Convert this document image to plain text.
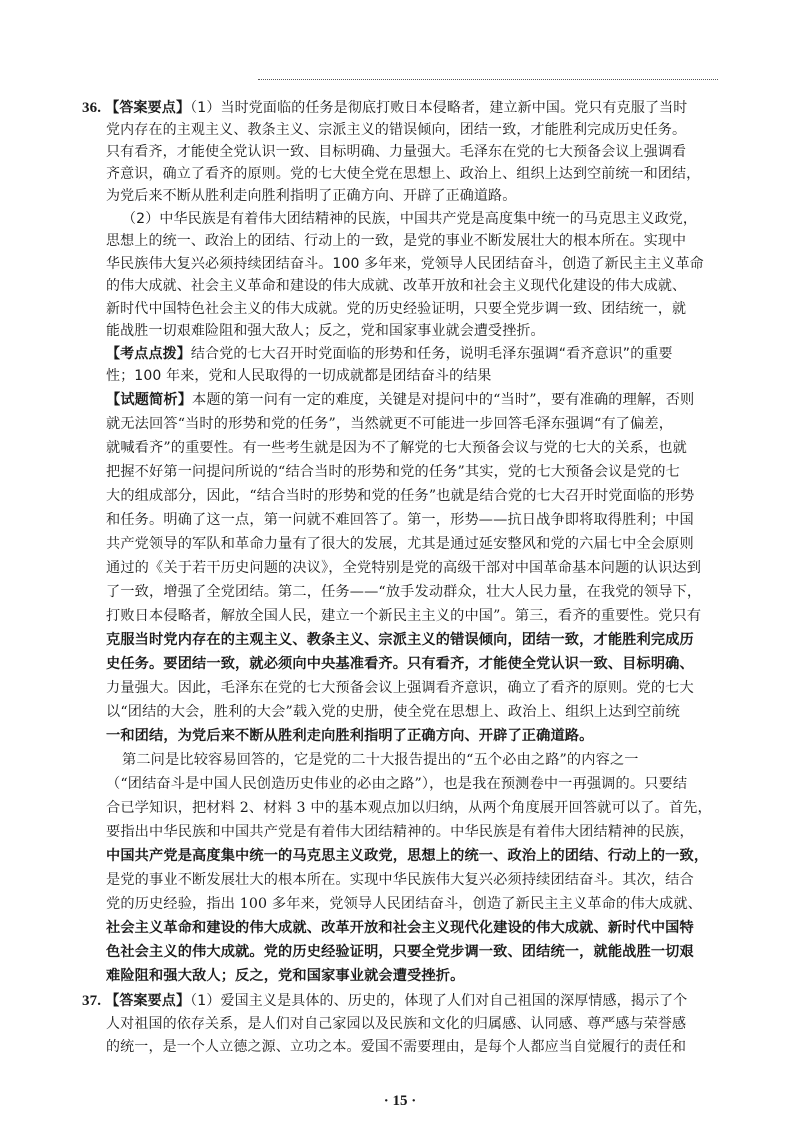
36. 【答案要点】（1）当时党面临的任务是彻底打败日本侵略者，建立新中国。党只有克服了当时
党内存在的主观主义、教条主义、宗派主义的错误倾向，团结一致，才能胜利完成历史任务。
只有看齐，才能使全党认识一致、目标明确、力量强大。毛泽东在党的七大预备会议上强调看
齐意识，确立了看齐的原则。党的七大使全党在思想上、政治上、组织上达到空前统一和团结，
为党后来不断从胜利走向胜利指明了正确方向、开辟了正确道路。
（2）中华民族是有着伟大团结精神的民族，中国共产党是高度集中统一的马克思主义政党，
思想上的统一、政治上的团结、行动上的一致，是党的事业不断发展壮大的根本所在。实现中
华民族伟大复兴必须持续团结奋斗。100 多年来，党领导人民团结奋斗，创造了新民主主义革命
的伟大成就、社会主义革命和建设的伟大成就、改革开放和社会主义现代化建设的伟大成就、
新时代中国特色社会主义的伟大成就。党的历史经验证明，只要全党步调一致、团结统一，就
能战胜一切艰难险阻和强大敌人；反之，党和国家事业就会遭受挫折。
【考点点拨】结合党的七大召开时党面临的形势和任务，说明毛泽东强调“看齐意识”的重要
性；100 年来，党和人民取得的一切成就都是团结奋斗的结果
【试题简析】本题的第一问有一定的难度，关键是对提问中的“当时”，要有准确的理解，否则
就无法回答“当时的形势和党的任务”，当然就更不可能进一步回答毛泽东强调“有了偏差，
就喊看齐”的重要性。有一些考生就是因为不了解党的七大预备会议与党的七大的关系，也就
把握不好第一问提问所说的“结合当时的形势和党的任务”其实，党的七大预备会议是党的七
大的组成部分，因此，“结合当时的形势和党的任务”也就是结合党的七大召开时党面临的形势
和任务。明确了这一点，第一问就不难回答了。第一，形势——抗日战争即将取得胜利；中国
共产党领导的军队和革命力量有了很大的发展，尤其是通过延安整风和党的六届七中全会原则
通过的《关于若干历史问题的决议》，全党特别是党的高级干部对中国革命基本问题的认识达到
了一致，增强了全党团结。第二，任务——“放手发动群众，壮大人民力量，在我党的领导下，
打败日本侵略者，解放全国人民，建立一个新民主主义的中国”。第三，看齐的重要性。党只有
克服当时党内存在的主观主义、教条主义、宗派主义的错误倾向，团结一致，才能胜利完成历
史任务。要团结一致，就必须向中央基准看齐。只有看齐，才能使全党认识一致、目标明确、
力量强大。因此，毛泽东在党的七大预备会议上强调看齐意识，确立了看齐的原则。党的七大
以“团结的大会，胜利的大会”载入党的史册，使全党在思想上、政治上、组织上达到空前统
一和团结，为党后来不断从胜利走向胜利指明了正确方向、开辟了正确道路。
第二问是比较容易回答的，它是党的二十大报告提出的“五个必由之路”的内容之一
（“团结奋斗是中国人民创造历史伟业的必由之路”），也是我在预测卷中一再强调的。只要结
合已学知识，把材料 2、材料 3 中的基本观点加以归纳，从两个角度展开回答就可以了。首先，
要指出中华民族和中国共产党是有着伟大团结精神的。中华民族是有着伟大团结精神的民族，
中国共产党是高度集中统一的马克思主义政党，思想上的统一、政治上的团结、行动上的一致，
是党的事业不断发展壮大的根本所在。实现中华民族伟大复兴必须持续团结奋斗。其次，结合
党的历史经验，指出 100 多年来，党领导人民团结奋斗，创造了新民主主义革命的伟大成就、
社会主义革命和建设的伟大成就、改革开放和社会主义现代化建设的伟大成就、新时代中国特
色社会主义的伟大成就。党的历史经验证明，只要全党步调一致、团结统一，就能战胜一切艰
难险阻和强大敌人；反之，党和国家事业就会遭受挫折。
37. 【答案要点】（1）爱国主义是具体的、历史的，体现了人们对自己祖国的深厚情感，揭示了个
人对祖国的依存关系，是人们对自己家园以及民族和文化的归属感、认同感、尊严感与荣誉感
的统一，是一个人立德之源、立功之本。爱国不需要理由，是每个人都应当自觉履行的责任和
· 15 ·
